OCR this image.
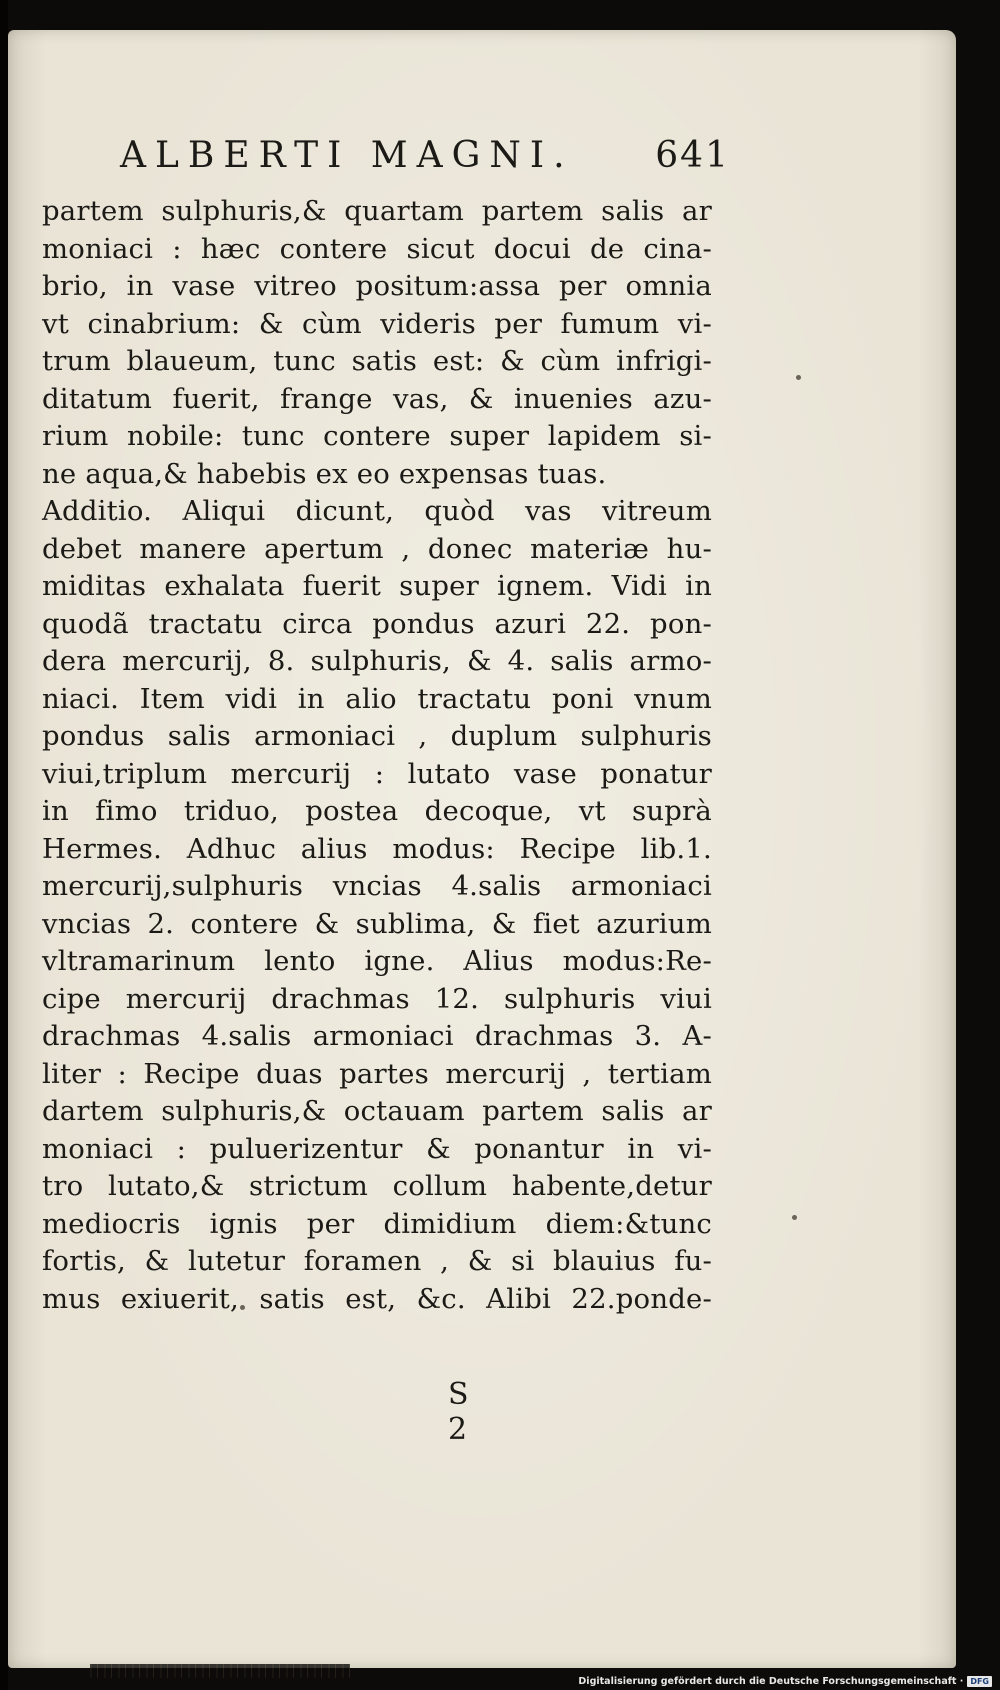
ALBERTI MAGNI. 641
partem sulphuris,& quartam partem salis ar
moniaci : hæc contere sicut docui de cina-
brio, in vase vitreo positum:assa per omnia
vt cinabrium: & cùm videris per fumum vi-
trum blaueum, tunc satis est: & cùm infrigi-
ditatum fuerit, frange vas, & inuenies azu-
rium nobile: tunc contere super lapidem si-
ne aqua,& habebis ex eo expensas tuas.
Additio. Aliqui dicunt, quòd vas vitreum
debet manere apertum , donec materiæ hu-
miditas exhalata fuerit super ignem. Vidi in
quodã tractatu circa pondus azuri 22. pon-
dera mercurij, 8. sulphuris, & 4. salis armo-
niaci. Item vidi in alio tractatu poni vnum
pondus salis armoniaci , duplum sulphuris
viui,triplum mercurij : lutato vase ponatur
in fimo triduo, postea decoque, vt suprà
Hermes. Adhuc alius modus: Recipe lib.1.
mercurij,sulphuris vncias 4.salis armoniaci
vncias 2. contere & sublima, & fiet azurium
vltramarinum lento igne. Alius modus:Re-
cipe mercurij drachmas 12. sulphuris viui
drachmas 4.salis armoniaci drachmas 3. A-
liter : Recipe duas partes mercurij , tertiam
dartem sulphuris,& octauam partem salis ar
moniaci : puluerizentur & ponantur in vi-
tro lutato,& strictum collum habente,detur
mediocris ignis per dimidium diem:&tunc
fortis, & lutetur foramen , & si blauius fu-
mus exiuerit, satis est, &c. Alibi 22.ponde-
S 2
Digitalisierung gefördert durch die Deutsche Forschungsgemeinschaft · DFG
